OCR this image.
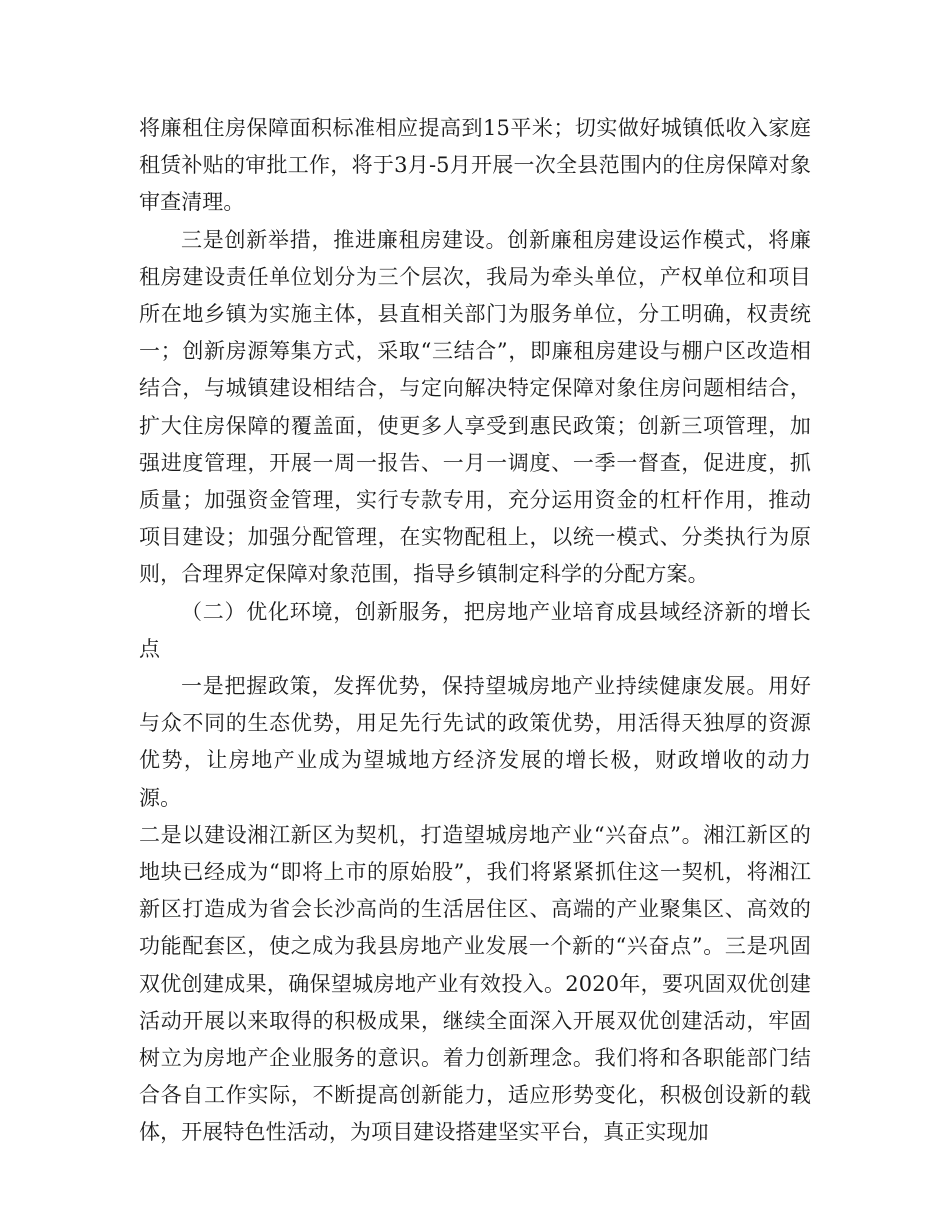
将廉租住房保障面积标准相应提高到15平米；切实做好城镇低收入家庭租赁补贴的审批工作，将于3月-5月开展一次全县范围内的住房保障对象审查清理。

三是创新举措，推进廉租房建设。创新廉租房建设运作模式，将廉租房建设责任单位划分为三个层次，我局为牵头单位，产权单位和项目所在地乡镇为实施主体，县直相关部门为服务单位，分工明确，权责统一；创新房源筹集方式，采取“三结合”，即廉租房建设与棚户区改造相结合，与城镇建设相结合，与定向解决特定保障对象住房问题相结合，扩大住房保障的覆盖面，使更多人享受到惠民政策；创新三项管理，加强进度管理，开展一周一报告、一月一调度、一季一督查，促进度，抓质量；加强资金管理，实行专款专用，充分运用资金的杠杆作用，推动项目建设；加强分配管理，在实物配租上，以统一模式、分类执行为原则，合理界定保障对象范围，指导乡镇制定科学的分配方案。

（二）优化环境，创新服务，把房地产业培育成县域经济新的增长点

一是把握政策，发挥优势，保持望城房地产业持续健康发展。用好与众不同的生态优势，用足先行先试的政策优势，用活得天独厚的资源优势，让房地产业成为望城地方经济发展的增长极，财政增收的动力源。

二是以建设湘江新区为契机，打造望城房地产业“兴奋点”。湘江新区的地块已经成为“即将上市的原始股”，我们将紧紧抓住这一契机，将湘江新区打造成为省会长沙高尚的生活居住区、高端的产业聚集区、高效的功能配套区，使之成为我县房地产业发展一个新的“兴奋点”。三是巩固双优创建成果，确保望城房地产业有效投入。2020年，要巩固双优创建活动开展以来取得的积极成果，继续全面深入开展双优创建活动，牢固树立为房地产企业服务的意识。着力创新理念。我们将和各职能部门结合各自工作实际，不断提高创新能力，适应形势变化，积极创设新的载体，开展特色性活动，为项目建设搭建坚实平台，真正实现加
